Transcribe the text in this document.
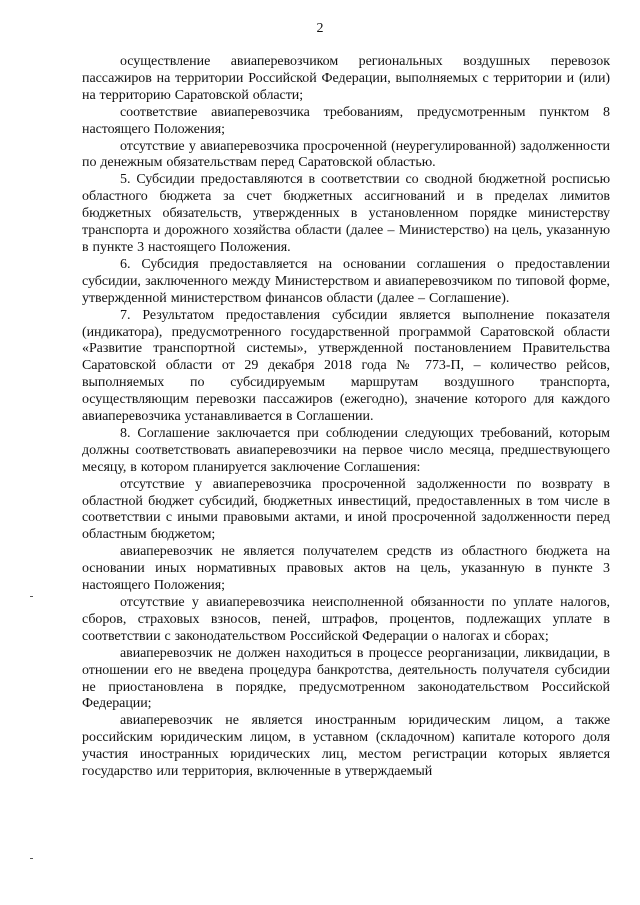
2

осуществление авиаперевозчиком региональных воздушных перевозок пассажиров на территории Российской Федерации, выполняемых с территории и (или) на территорию Саратовской области;

соответствие авиаперевозчика требованиям, предусмотренным пунктом 8 настоящего Положения;

отсутствие у авиаперевозчика просроченной (неурегулированной) задолженности по денежным обязательствам перед Саратовской областью.

5. Субсидии предоставляются в соответствии со сводной бюджетной росписью областного бюджета за счет бюджетных ассигнований и в пределах лимитов бюджетных обязательств, утвержденных в установленном порядке министерству транспорта и дорожного хозяйства области (далее – Министерство) на цель, указанную в пункте 3 настоящего Положения.

6. Субсидия предоставляется на основании соглашения о предоставлении субсидии, заключенного между Министерством и авиаперевозчиком по типовой форме, утвержденной министерством финансов области (далее – Соглашение).

7. Результатом предоставления субсидии является выполнение показателя (индикатора), предусмотренного государственной программой Саратовской области «Развитие транспортной системы», утвержденной постановлением Правительства Саратовской области от 29 декабря 2018 года № 773-П, – количество рейсов, выполняемых по субсидируемым маршрутам воздушного транспорта, осуществляющим перевозки пассажиров (ежегодно), значение которого для каждого авиаперевозчика устанавливается в Соглашении.

8. Соглашение заключается при соблюдении следующих требований, которым должны соответствовать авиаперевозчики на первое число месяца, предшествующего месяцу, в котором планируется заключение Соглашения:

отсутствие у авиаперевозчика просроченной задолженности по возврату в областной бюджет субсидий, бюджетных инвестиций, предоставленных в том числе в соответствии с иными правовыми актами, и иной просроченной задолженности перед областным бюджетом;

авиаперевозчик не является получателем средств из областного бюджета на основании иных нормативных правовых актов на цель, указанную в пункте 3 настоящего Положения;

отсутствие у авиаперевозчика неисполненной обязанности по уплате налогов, сборов, страховых взносов, пеней, штрафов, процентов, подлежащих уплате в соответствии с законодательством Российской Федерации о налогах и сборах;

авиаперевозчик не должен находиться в процессе реорганизации, ликвидации, в отношении его не введена процедура банкротства, деятельность получателя субсидии не приостановлена в порядке, предусмотренном законодательством Российской Федерации;

авиаперевозчик не является иностранным юридическим лицом, а также российским юридическим лицом, в уставном (складочном) капитале которого доля участия иностранных юридических лиц, местом регистрации которых является государство или территория, включенные в утверждаемый
